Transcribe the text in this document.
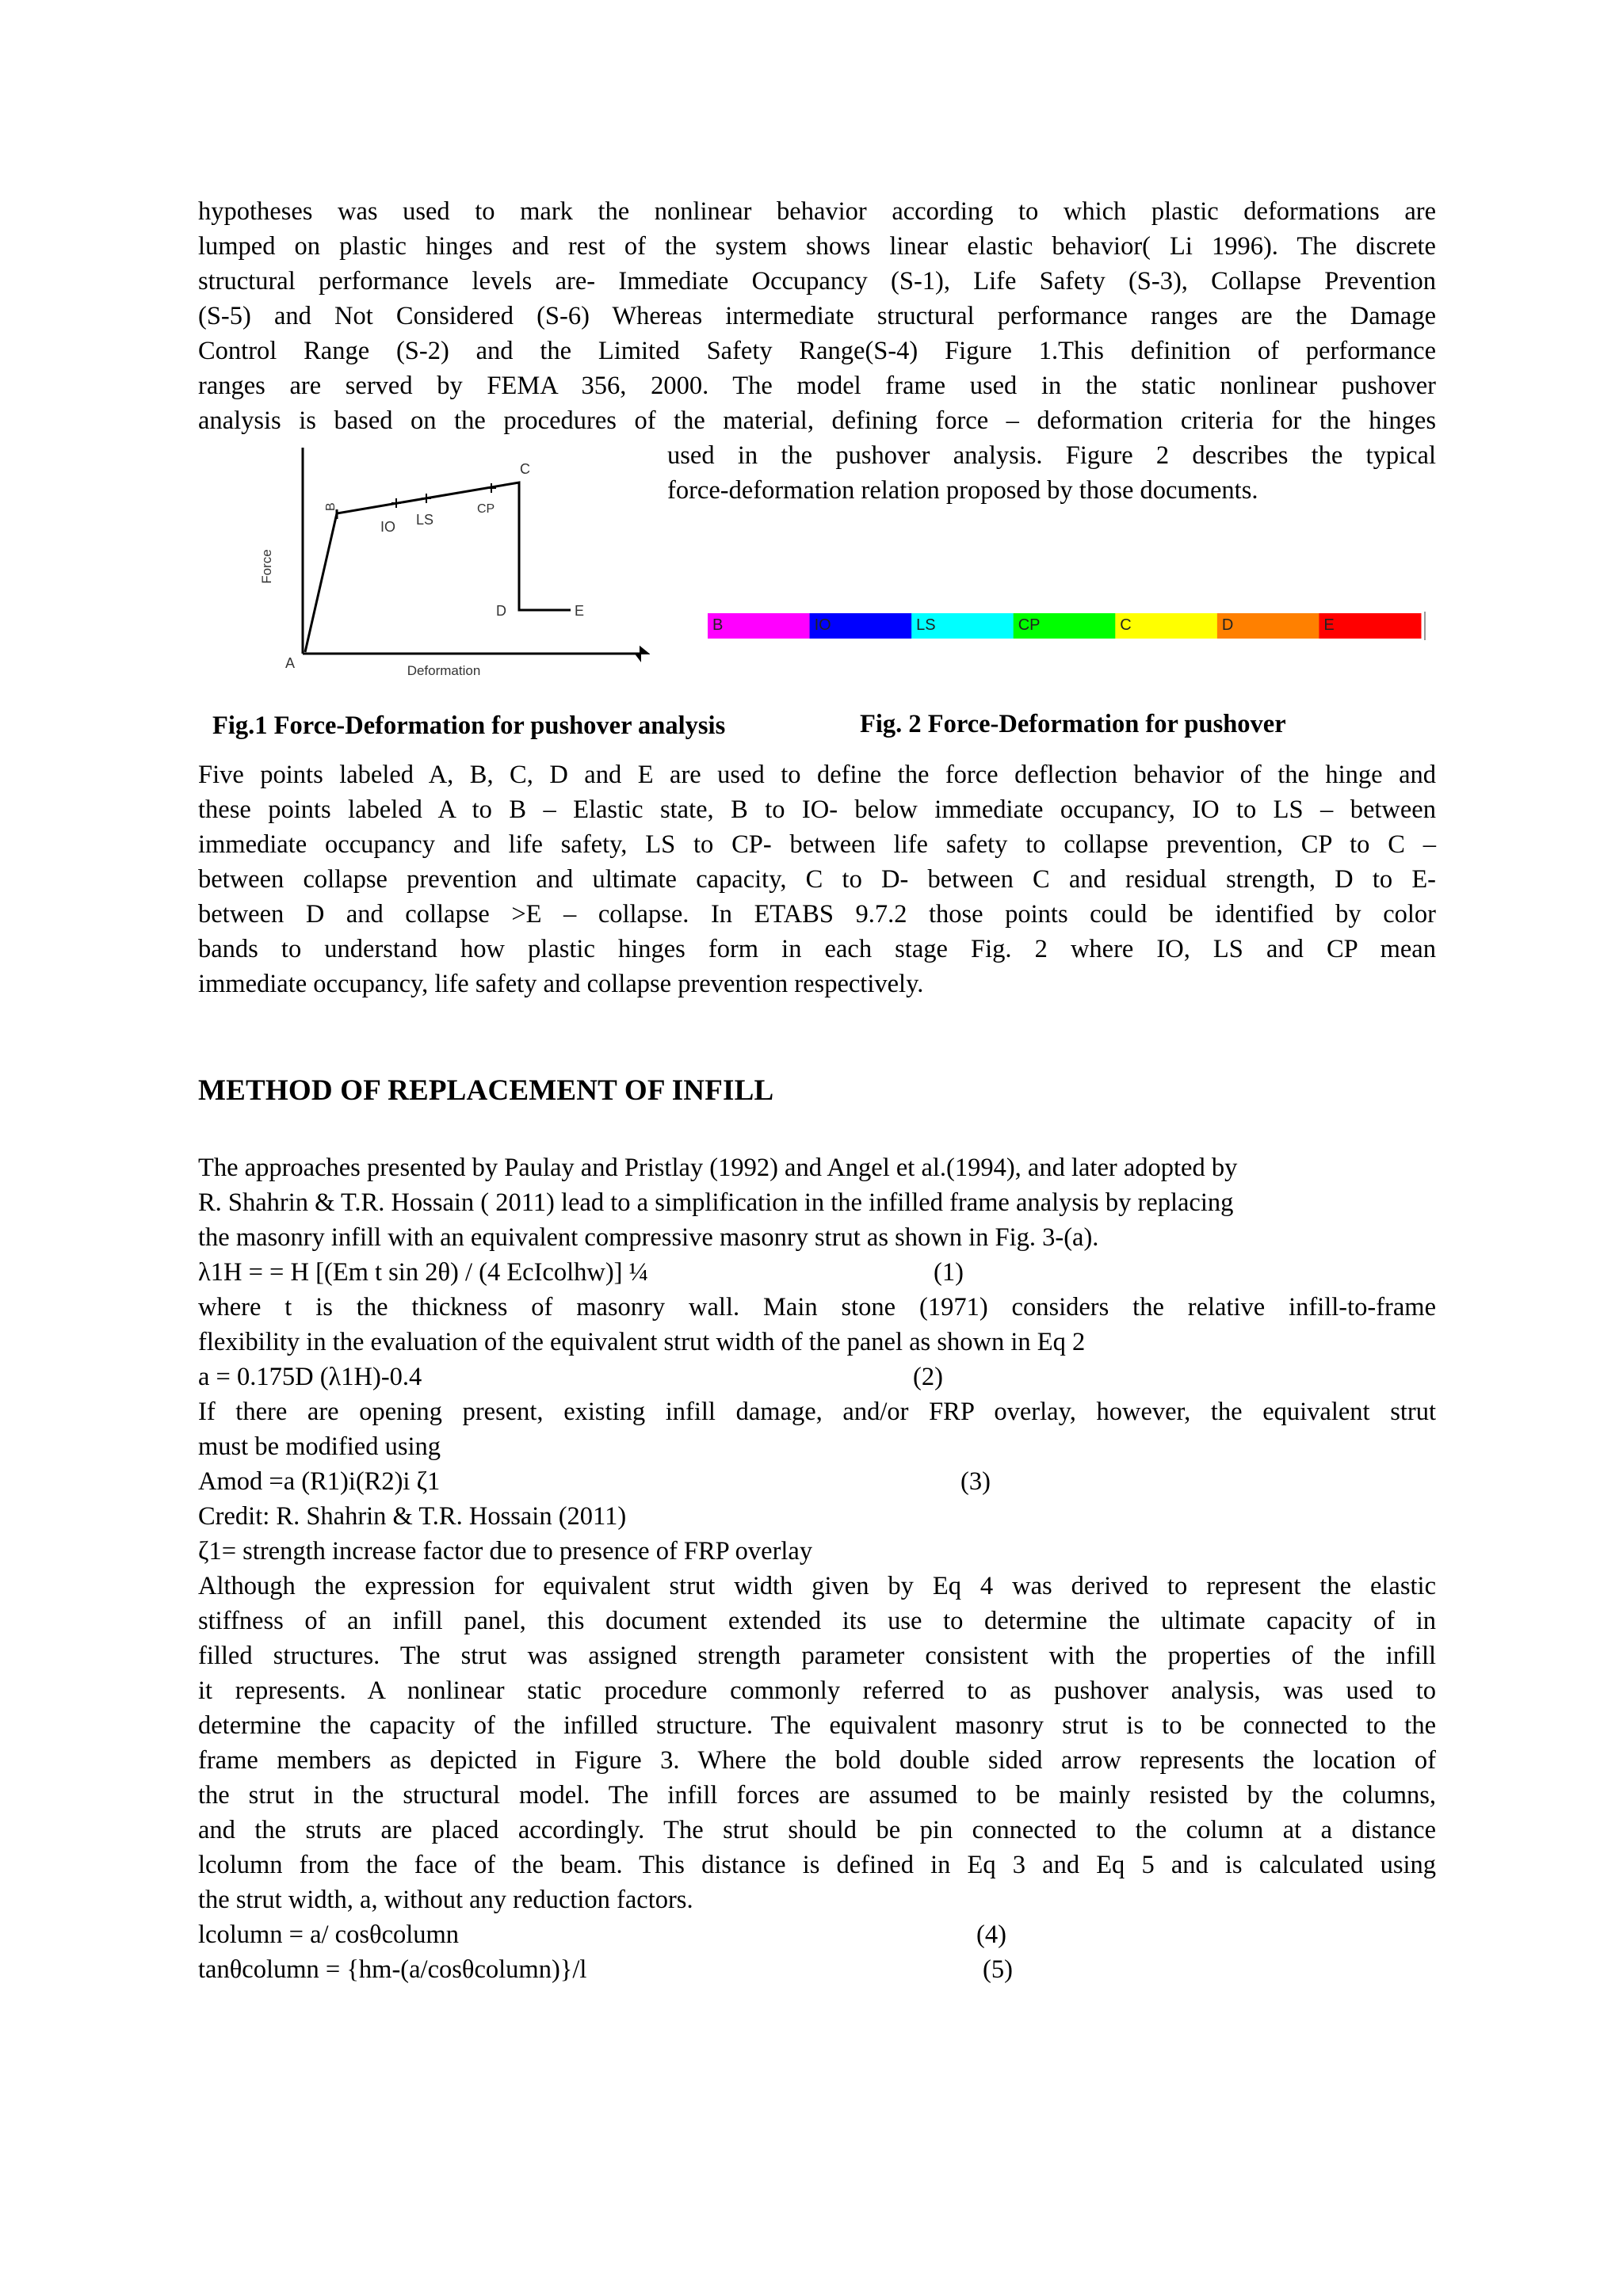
hypotheses was used to mark the nonlinear behavior according to which plastic deformations are
lumped on plastic hinges and rest of the system shows linear elastic behavior( Li 1996). The discrete
structural performance levels are- Immediate Occupancy (S-1), Life Safety (S-3), Collapse Prevention
(S-5) and Not Considered (S-6) Whereas intermediate structural performance ranges are the Damage
Control Range (S-2) and the Limited Safety Range(S-4) Figure 1.This definition of performance
ranges are served by FEMA 356, 2000. The model frame used in the static nonlinear pushover
analysis is based on the procedures of the material, defining force – deformation criteria for the hinges
used in the pushover analysis. Figure 2 describes the typical
force-deformation relation proposed by those documents.
Force
Deformation
A
B
IO LS
CP
C
D	E
B	IO	LS	CP	C	D	E
Fig.1 Force-Deformation for pushover analysis	Fig. 2 Force-Deformation for pushover
Five points labeled A, B, C, D and E are used to define the force deflection behavior of the hinge and
these points labeled A to B – Elastic state, B to IO- below immediate occupancy, IO to LS – between
immediate occupancy and life safety, LS to CP- between life safety to collapse prevention, CP to C –
between collapse prevention and ultimate capacity, C to D- between C and residual strength, D to E-
between D and collapse >E – collapse. In ETABS 9.7.2 those points could be identified by color
bands to understand how plastic hinges form in each stage Fig. 2 where IO, LS and CP mean
immediate occupancy, life safety and collapse prevention respectively.
METHOD OF REPLACEMENT OF INFILL
The approaches presented by Paulay and Pristlay (1992) and Angel et al.(1994), and later adopted by
R. Shahrin & T.R. Hossain ( 2011) lead to a simplification in the infilled frame analysis by replacing
the masonry infill with an equivalent compressive masonry strut as shown in Fig. 3-(a).
λ1H = = H [(Em t sin 2θ) / (4 EcIcolhw)] ¼	(1)
where t is the thickness of masonry wall. Main stone (1971) considers the relative infill-to-frame
flexibility in the evaluation of the equivalent strut width of the panel as shown in Eq 2
a = 0.175D (λ1H)-0.4	(2)
If there are opening present, existing infill damage, and/or FRP overlay, however, the equivalent strut
must be modified using
Amod =a (R1)i(R2)i ζ1	(3)
Credit: R. Shahrin & T.R. Hossain (2011)
ζ1= strength increase factor due to presence of FRP overlay
Although the expression for equivalent strut width given by Eq 4 was derived to represent the elastic
stiffness of an infill panel, this document extended its use to determine the ultimate capacity of in
filled structures. The strut was assigned strength parameter consistent with the properties of the infill
it represents. A nonlinear static procedure commonly referred to as pushover analysis, was used to
determine the capacity of the infilled structure. The equivalent masonry strut is to be connected to the
frame members as depicted in Figure 3. Where the bold double sided arrow represents the location of
the strut in the structural model. The infill forces are assumed to be mainly resisted by the columns,
and the struts are placed accordingly. The strut should be pin connected to the column at a distance
lcolumn from the face of the beam. This distance is defined in Eq 3 and Eq 5 and is calculated using
the strut width, a, without any reduction factors.
lcolumn = a/ cosθcolumn	(4)
tanθcolumn = {hm-(a/cosθcolumn)}/l	(5)
